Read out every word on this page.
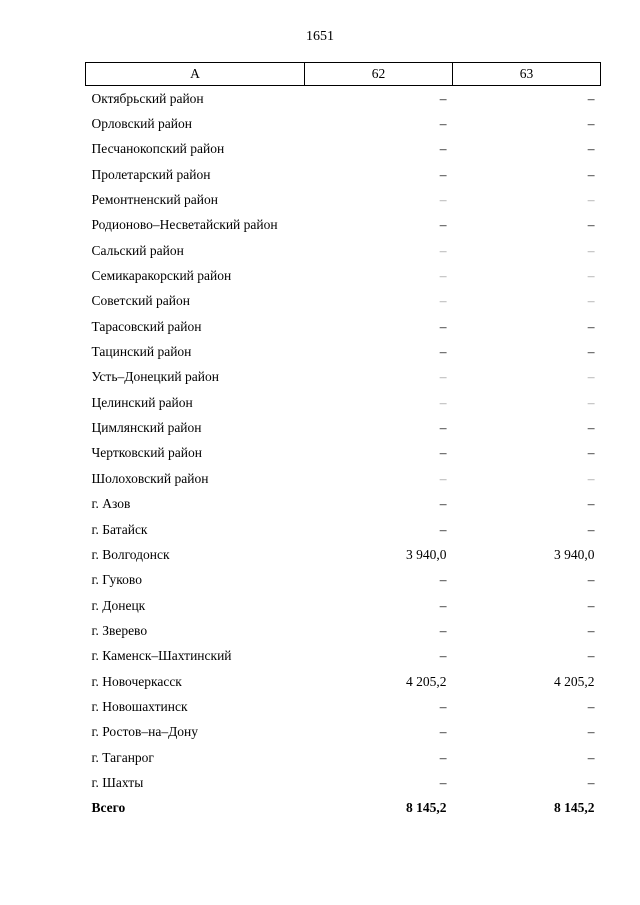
1651
А	62	63
Октябрьский район	–	–
Орловский район	–	–
Песчанокопский район	–	–
Пролетарский район	–	–
Ремонтненский район	–	–
Родионово–Несветайский район	–	–
Сальский район	–	–
Семикаракорский район	–	–
Советский район	–	–
Тарасовский район	–	–
Тацинский район	–	–
Усть–Донецкий район	–	–
Целинский район	–	–
Цимлянский район	–	–
Чертковский район	–	–
Шолоховский район	–	–
г. Азов	–	–
г. Батайск	–	–
г. Волгодонск	3 940,0	3 940,0
г. Гуково	–	–
г. Донецк	–	–
г. Зверево	–	–
г. Каменск–Шахтинский	–	–
г. Новочеркасск	4 205,2	4 205,2
г. Новошахтинск	–	–
г. Ростов–на–Дону	–	–
г. Таганрог	–	–
г. Шахты	–	–
Всего	8 145,2	8 145,2
